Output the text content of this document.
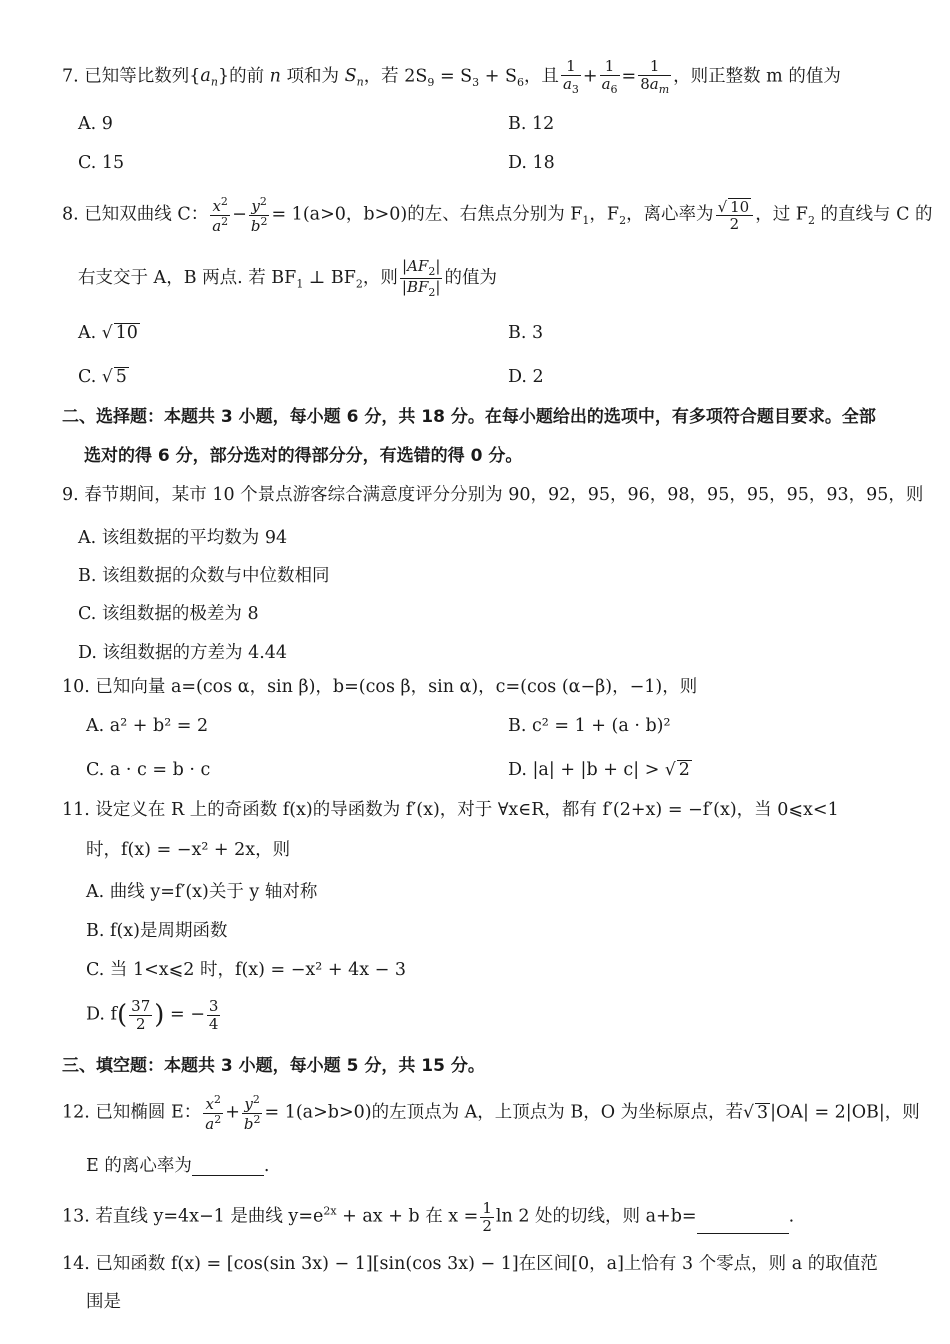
7. 已知等比数列$\{a_n\}$的前 n 项和为 $S_n$，若 $2S_9 = S_3 + S_6$，且 $\frac{1}{a_3} + \frac{1}{a_6} = \frac{1}{8a_m}$ ，则正整数 m 的值为
A. 9	B. 12
C. 15	D. 18
8. 已知双曲线 C： $\frac{x^2}{a^2} - \frac{y^2}{b^2} = 1(a>0$，b>0)的左、右焦点分别为 $F_1$，$F_2$，离心率为 $\frac{√ 10}{2}$ ，过 $F_2$ 的直线与 C 的
右支交于 A，B 两点. 若 $BF_1$ ⊥ $BF_2$，则 $\frac{|AF_2|}{|BF_2|}$ 的值为
A. √ 10	B. 3
C. √ 5	D. 2
二、选择题：本题共 3 小题，每小题 6 分，共 18 分。在每小题给出的选项中，有多项符合题目要求。全部
选对的得 6 分，部分选对的得部分分，有选错的得 0 分。
9. 春节期间，某市 10 个景点游客综合满意度评分分别为 90，92，95，96，98，95，95，95，93，95，则
A. 该组数据的平均数为 94
B. 该组数据的众数与中位数相同
C. 该组数据的极差为 8
D. 该组数据的方差为 4.44
10. 已知向量 a=(cos α，sin β)，b=(cos β，sin α)，c=(cos (α−β)，−1)，则
A. a² + b² = 2	B. c² = 1 + (a · b)²
C. a · c = b · c	D. |a| + |b + c| > √ 2
11. 设定义在 R 上的奇函数 f(x)的导函数为 f′(x)，对于 ∀x∈R，都有 f′(2+x) = −f′(x)，当 0⩽x<1
时，f(x) = −x² + 2x，则
A. 曲线 y=f′(x)关于 y 轴对称
B. f(x)是周期函数
C. 当 1<x⩽2 时，f(x) = −x² + 4x − 3
D. $f( \frac{37}{2}$ ) = − $\frac{3}{4}$
三、填空题：本题共 3 小题，每小题 5 分，共 15 分。
12. 已知椭圆 E： $\frac{x^2}{a^2} + \frac{y^2}{b^2} = 1(a>b>0)$的左顶点为 A，上顶点为 B，O 为坐标原点，若√ 3 |OA| = 2|OB|，则
E 的离心率为	.
13. 若直线 y=4x−1 是曲线 $y=e^{2x}$ + ax + b 在 $x = \frac{1}{2}$ ln 2 处的切线，则 a+b=	.
14. 已知函数 f(x) = [cos(sin 3x) − 1][sin(cos 3x) − 1]在区间[0，a]上恰有 3 个零点，则 a 的取值范
围是
